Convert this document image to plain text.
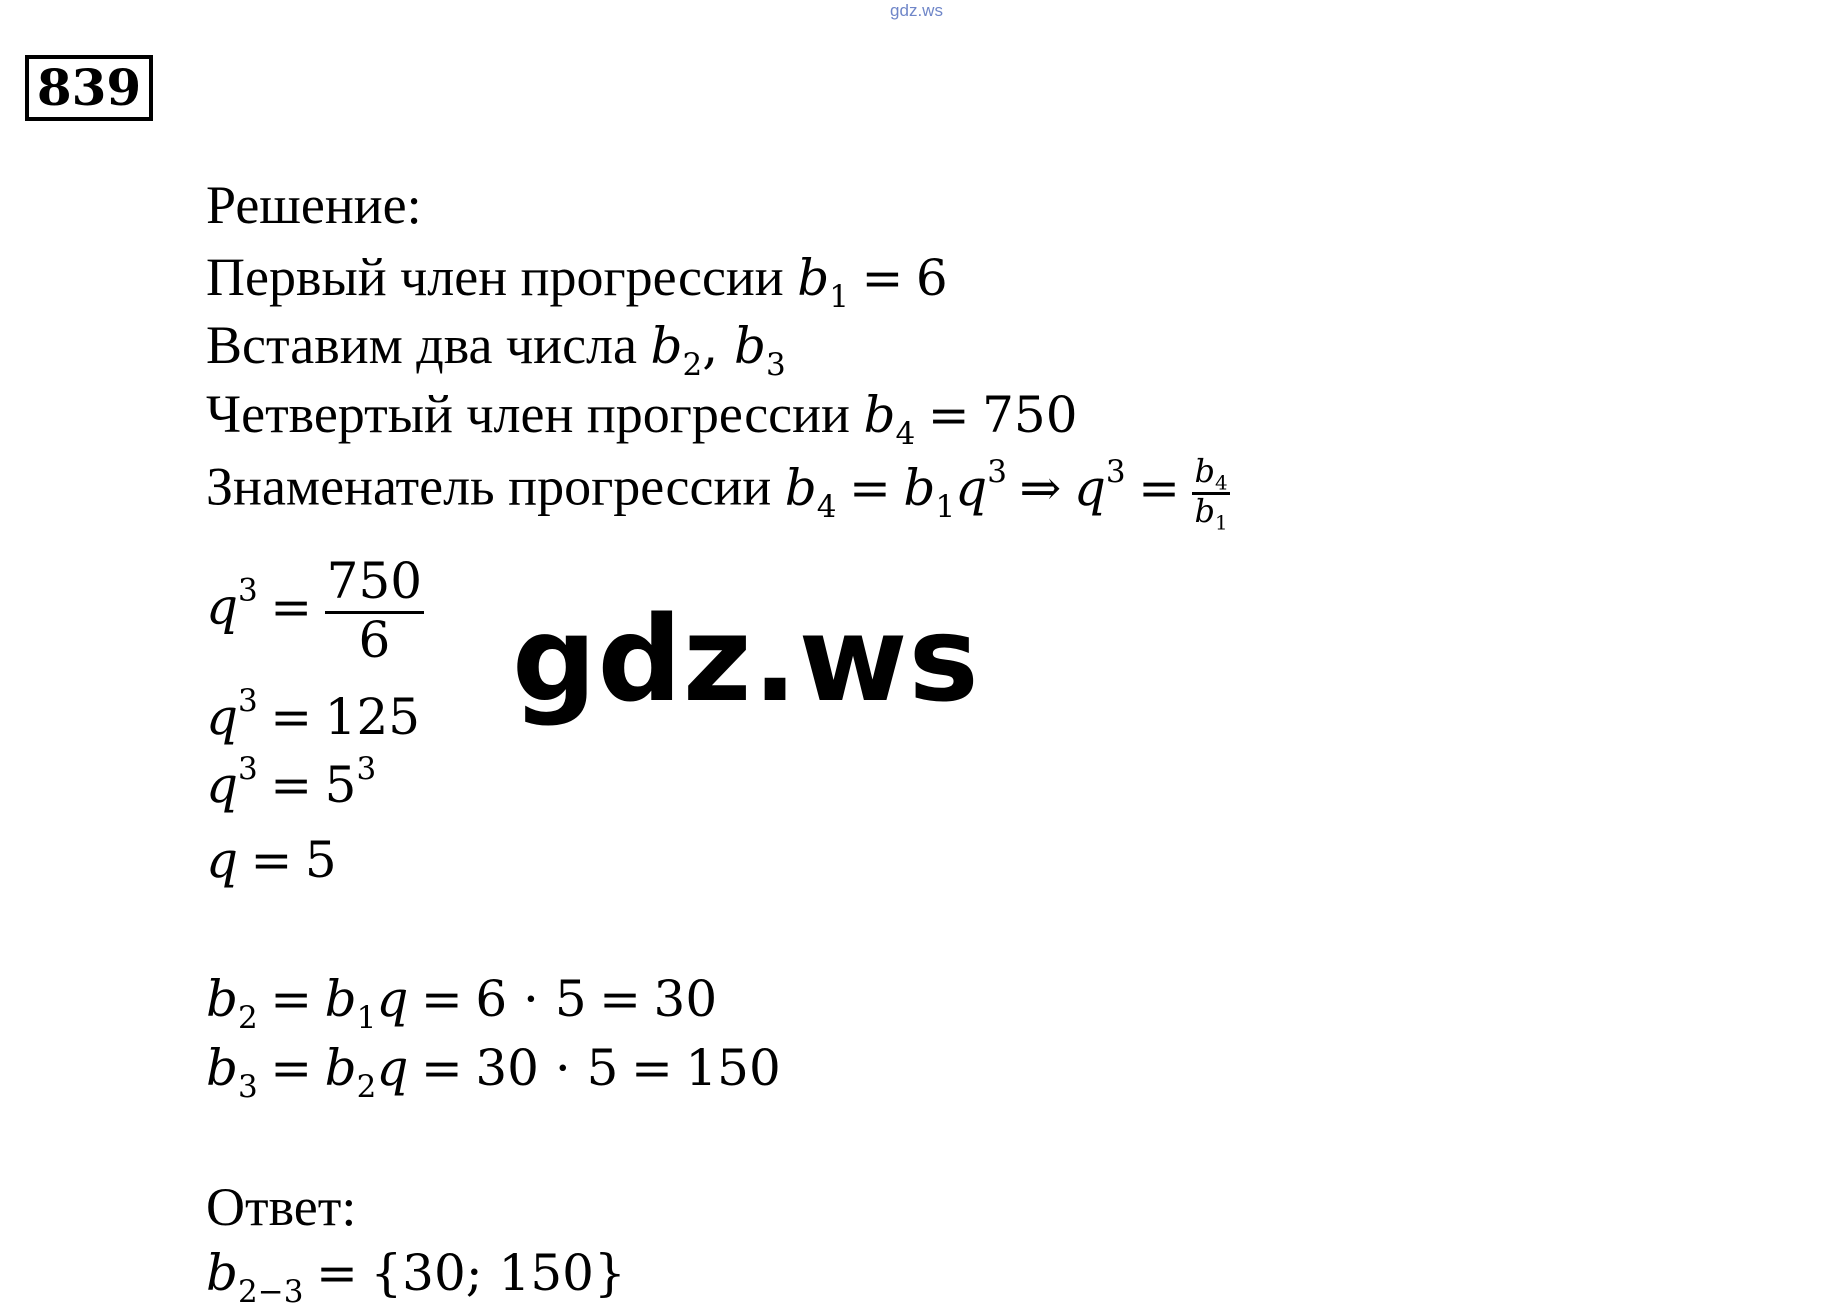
gdz.ws
839
Решение:
Первый член прогрессии $b_1 = 6$
Вставим два числа $b_2$, $b_3$
Четвертый член прогрессии $b_4 = 750$
Знаменатель прогрессии $b_4 = b_1q^3$ ⇒ $q^3 = \frac{b_4}{b_1}$
$q^3 = \frac{750}{6}$
$q^3 = 125$
$q^3 = 5^3$
q = 5
$b_2 = b_1q = 6 \cdot 5 = 30$
$b_3 = b_2q = 30 \cdot 5 = 150$
Ответ:
$b_{2-3} = \{30$; 150}
gdz.ws
